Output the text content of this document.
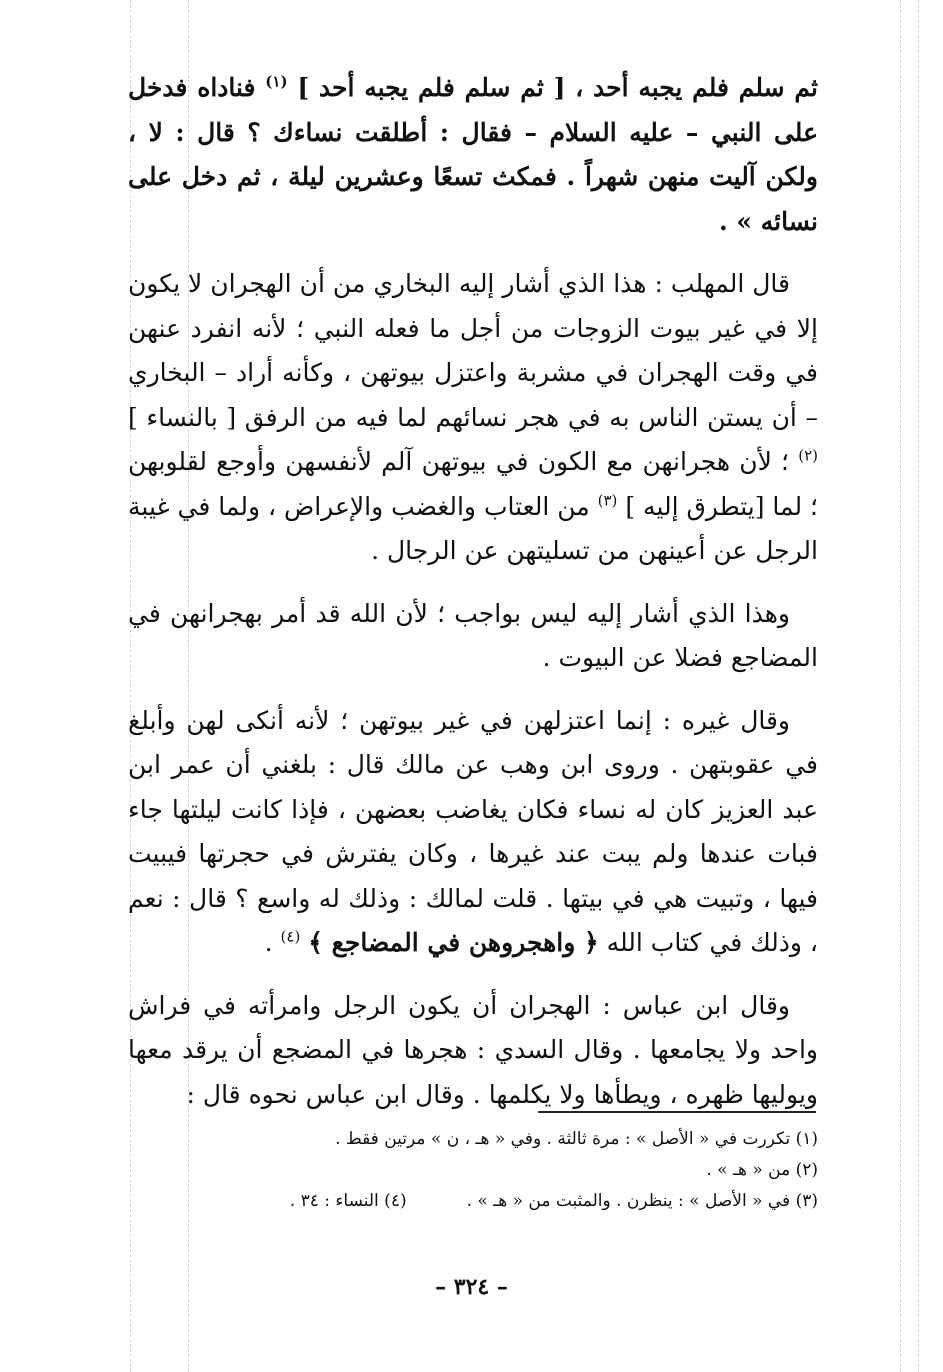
ثم سلم فلم يجبه أحد ، [ ثم سلم فلم يجبه أحد ] $^{(١)}$ فناداه فدخل على النبي – عليه السلام – فقال : أطلقت نساءك ؟ قال : لا ، ولكن آليت منهن شهراً . فمكث تسعًا وعشرين ليلة ، ثم دخل على نسائه » .

قال المهلب : هذا الذي أشار إليه البخاري من أن الهجران لا يكون إلا في غير بيوت الزوجات من أجل ما فعله النبي ؛ لأنه انفرد عنهن في وقت الهجران في مشربة واعتزل بيوتهن ، وكأنه أراد – البخاري – أن يستن الناس به في هجر نسائهم لما فيه من الرفق [ بالنساء ] $^{(٢)}$ ؛ لأن هجرانهن مع الكون في بيوتهن آلم لأنفسهن وأوجع لقلوبهن ؛ لما [يتطرق إليه ] $^{(٣)}$ من العتاب والغضب والإعراض ، ولما في غيبة الرجل عن أعينهن من تسليتهن عن الرجال .

وهذا الذي أشار إليه ليس بواجب ؛ لأن الله قد أمر بهجرانهن في المضاجع فضلا عن البيوت .

وقال غيره : إنما اعتزلهن في غير بيوتهن ؛ لأنه أنكى لهن وأبلغ في عقوبتهن . وروى ابن وهب عن مالك قال : بلغني أن عمر ابن عبد العزيز كان له نساء فكان يغاضب بعضهن ، فإذا كانت ليلتها جاء فبات عندها ولم يبت عند غيرها ، وكان يفترش في حجرتها فيبيت فيها ، وتبيت هي في بيتها . قلت لمالك : وذلك له واسع ؟ قال : نعم ، وذلك في كتاب الله ﴿ واهجروهن في المضاجع ﴾ $^{(٤)}$ .

وقال ابن عباس : الهجران أن يكون الرجل وامرأته في فراش واحد ولا يجامعها . وقال السدي : هجرها في المضجع أن يرقد معها ويوليها ظهره ، ويطأها ولا يكلمها . وقال ابن عباس نحوه قال :

(١) تكررت في « الأصل » : مرة ثالثة . وفي « هـ ، ن » مرتين فقط .
(٢) من « هـ » .
(٣) في « الأصل » : ينظرن . والمثبت من « هـ » .
(٤) النساء : ٣٤ .
– ٣٢٤ –
